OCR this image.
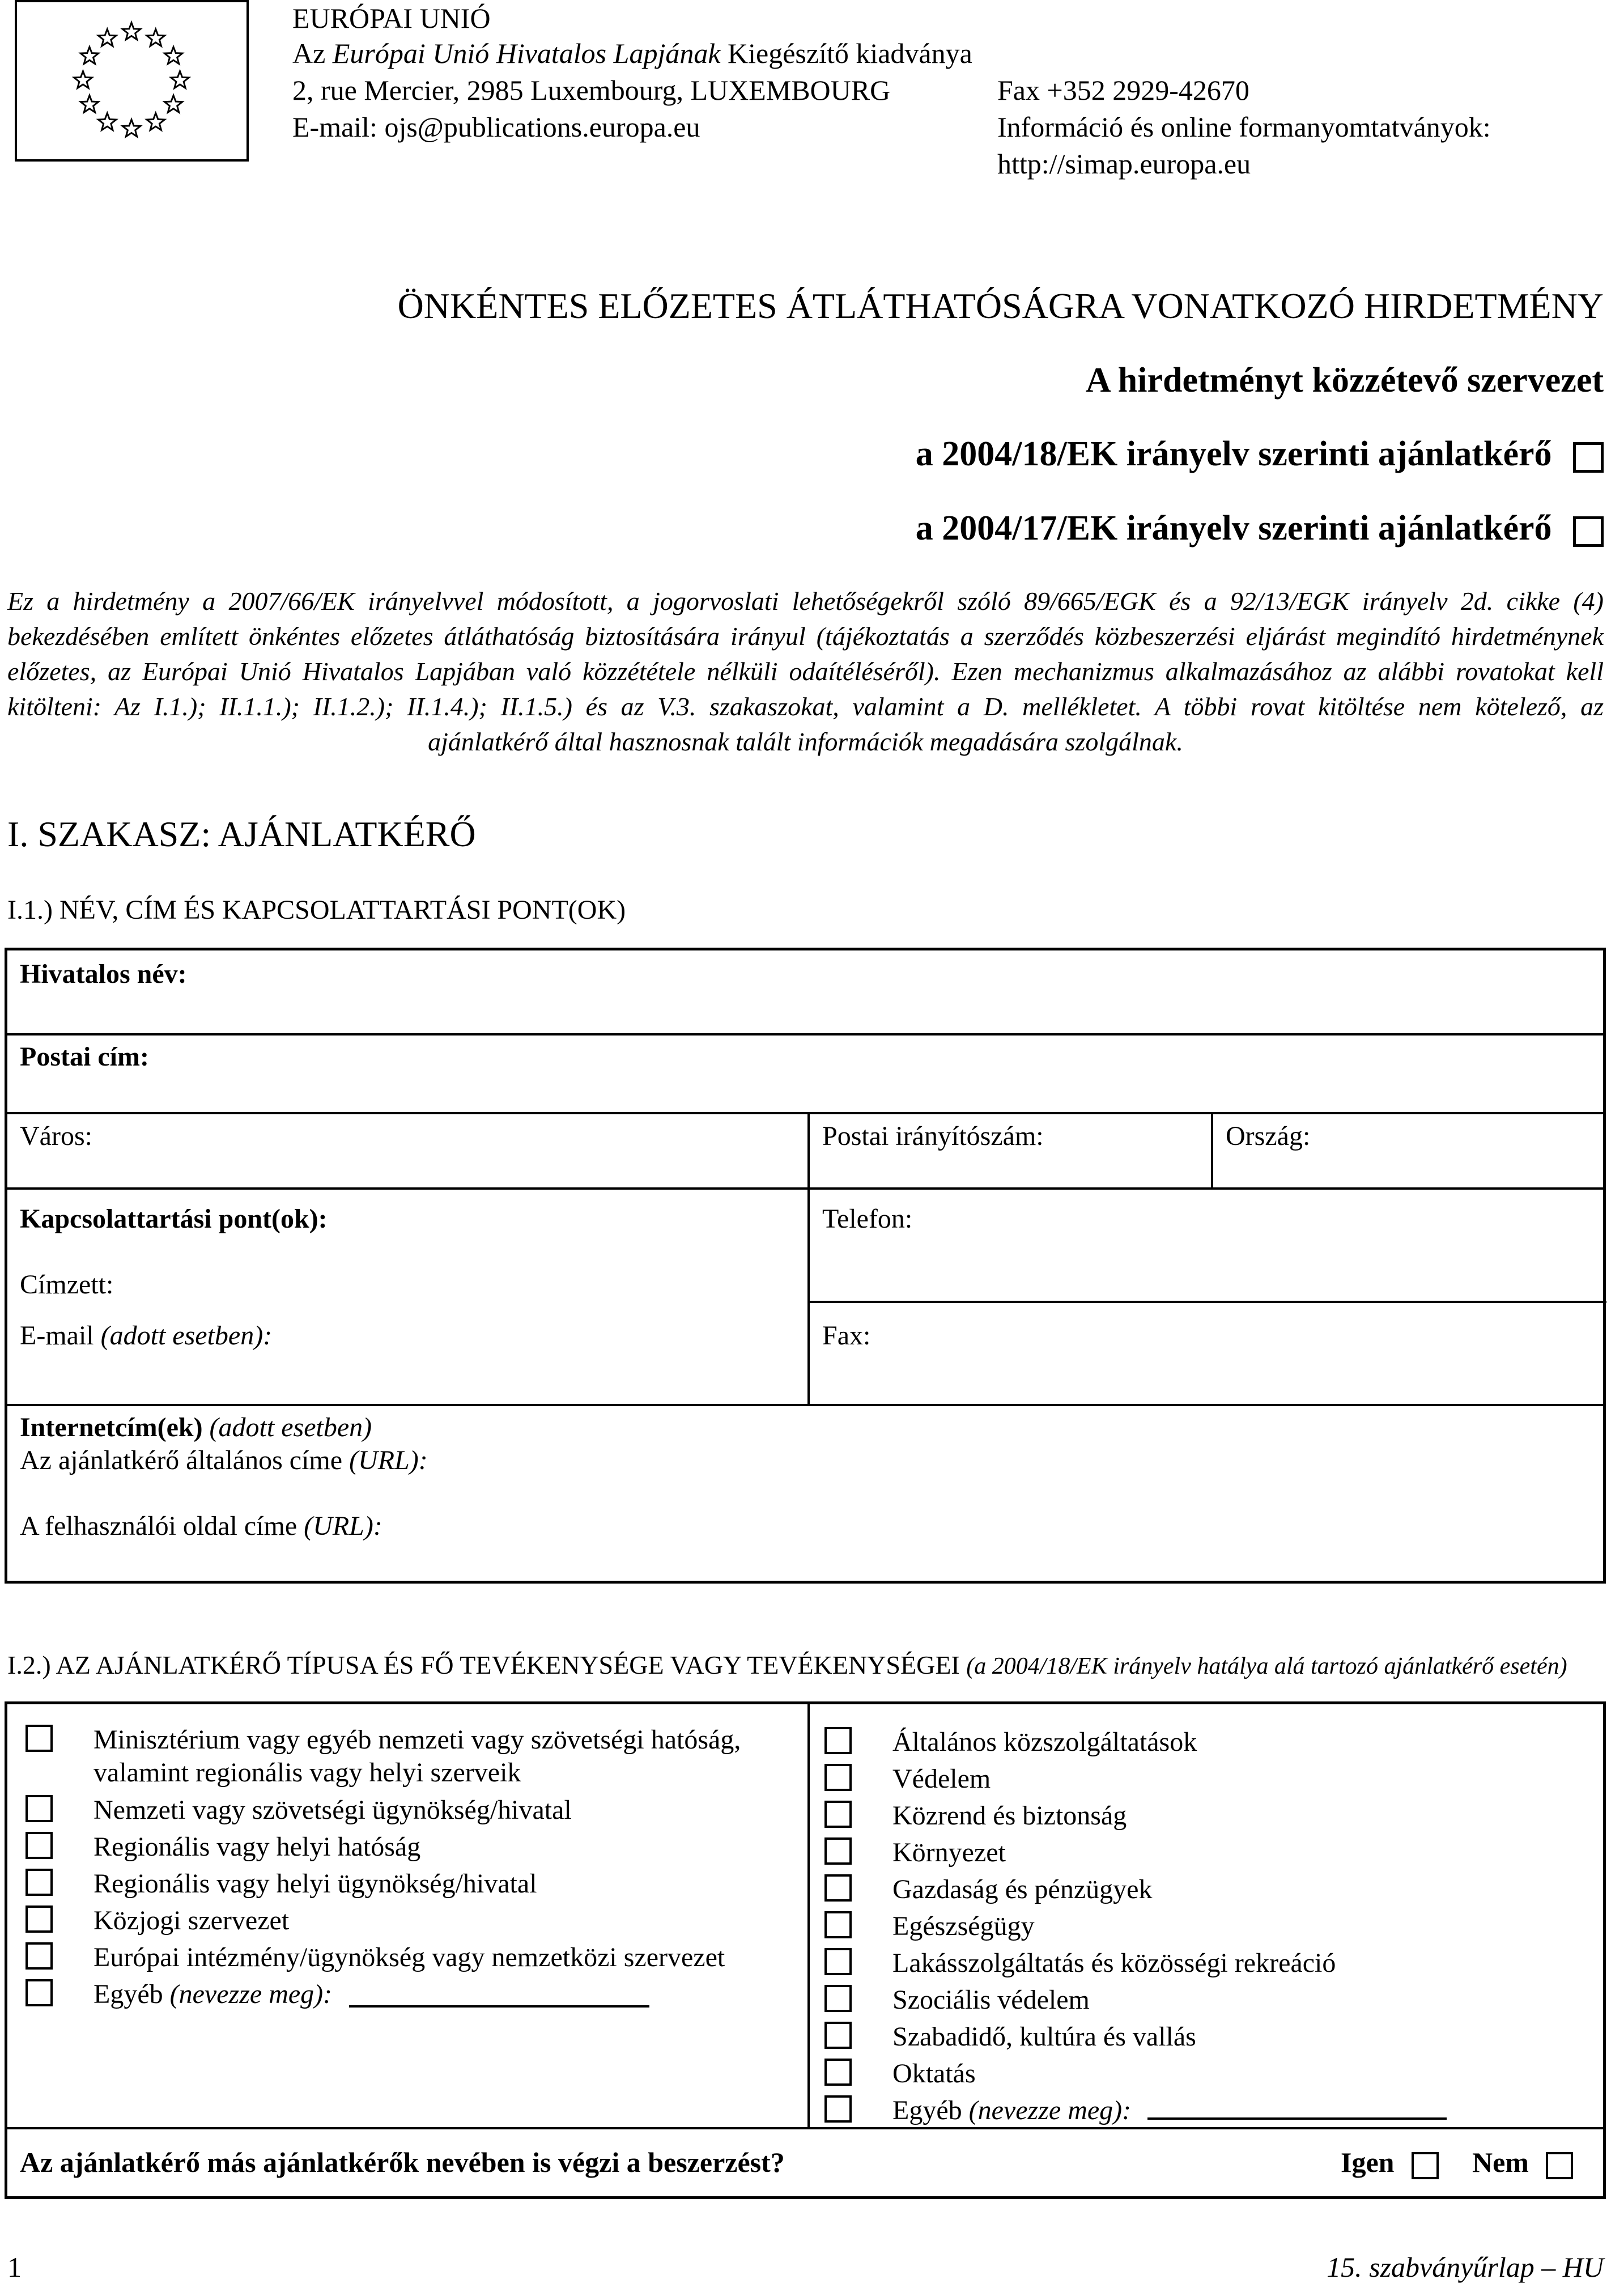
EURÓPAI UNIÓ
Az Európai Unió Hivatalos Lapjának Kiegészítő kiadványa
2, rue Mercier, 2985 Luxembourg, LUXEMBOURG
E-mail: ojs@publications.europa.eu
Fax +352 2929-42670
Információ és online formanyomtatványok:
http://simap.europa.eu
ÖNKÉNTES ELŐZETES ÁTLÁTHATÓSÁGRA VONATKOZÓ HIRDETMÉNY
A hirdetményt közzétevő szervezet
a 2004/18/EK irányelv szerinti ajánlatkérő
a 2004/17/EK irányelv szerinti ajánlatkérő
Ez a hirdetmény a 2007/66/EK irányelvvel módosított, a jogorvoslati lehetőségekről szóló 89/665/EGK és a 92/13/EGK irányelv 2d. cikke (4)
bekezdésében említett önkéntes előzetes átláthatóság biztosítására irányul (tájékoztatás a szerződés közbeszerzési eljárást megindító hirdetménynek
előzetes, az Európai Unió Hivatalos Lapjában való közzététele nélküli odaítéléséről). Ezen mechanizmus alkalmazásához az alábbi rovatokat kell
kitölteni: Az I.1.); II.1.1.); II.1.2.); II.1.4.); II.1.5.) és az V.3. szakaszokat, valamint a D. mellékletet. A többi rovat kitöltése nem kötelező, az
ajánlatkérő által hasznosnak talált információk megadására szolgálnak.
I. SZAKASZ: AJÁNLATKÉRŐ
I.1.) NÉV, CÍM ÉS KAPCSOLATTARTÁSI PONT(OK)
Hivatalos név:
Postai cím:
Város:	Postai irányítószám:	Ország:
Kapcsolattartási pont(ok):
Címzett:
E-mail (adott esetben):
Telefon:
Fax:
Internetcím(ek) (adott esetben)
Az ajánlatkérő általános címe (URL):
A felhasználói oldal címe (URL):
I.2.) AZ AJÁNLATKÉRŐ TÍPUSA ÉS FŐ TEVÉKENYSÉGE VAGY TEVÉKENYSÉGEI (a 2004/18/EK irányelv hatálya alá tartozó ajánlatkérő esetén)
Minisztérium vagy egyéb nemzeti vagy szövetségi hatóság,
valamint regionális vagy helyi szerveik
Nemzeti vagy szövetségi ügynökség/hivatal
Regionális vagy helyi hatóság
Regionális vagy helyi ügynökség/hivatal
Közjogi szervezet
Európai intézmény/ügynökség vagy nemzetközi szervezet
Egyéb (nevezze meg):
Általános közszolgáltatások
Védelem
Közrend és biztonság
Környezet
Gazdaság és pénzügyek
Egészségügy
Lakásszolgáltatás és közösségi rekreáció
Szociális védelem
Szabadidő, kultúra és vallás
Oktatás
Egyéb (nevezze meg):
Az ajánlatkérő más ajánlatkérők nevében is végzi a beszerzést?	Igen	Nem
1	15. szabványűrlap – HU
